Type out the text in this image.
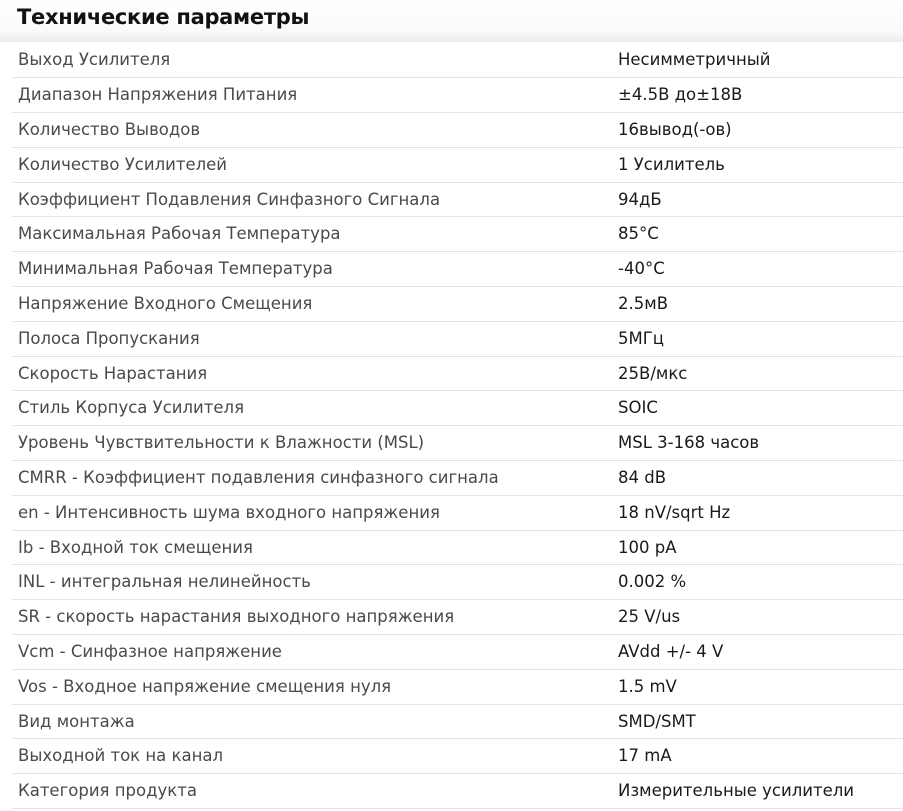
Технические параметры
Выход Усилителя	Несимметричный
Диапазон Напряжения Питания	±4.5В до±18В
Количество Выводов	16вывод(-ов)
Количество Усилителей	1 Усилитель
Коэффициент Подавления Синфазного Сигнала	94дБ
Максимальная Рабочая Температура	85°C
Минимальная Рабочая Температура	-40°C
Напряжение Входного Смещения	2.5мВ
Полоса Пропускания	5МГц
Скорость Нарастания	25В/мкс
Стиль Корпуса Усилителя	SOIC
Уровень Чувствительности к Влажности (MSL)	MSL 3-168 часов
CMRR - Коэффициент подавления синфазного сигнала	84 dB
en - Интенсивность шума входного напряжения	18 nV/sqrt Hz
Ib - Входной ток смещения	100 pA
INL - интегральная нелинейность	0.002 %
SR - скорость нарастания выходного напряжения	25 V/us
Vcm - Синфазное напряжение	AVdd +/- 4 V
Vos - Входное напряжение смещения нуля	1.5 mV
Вид монтажа	SMD/SMT
Выходной ток на канал	17 mA
Категория продукта	Измерительные усилители
